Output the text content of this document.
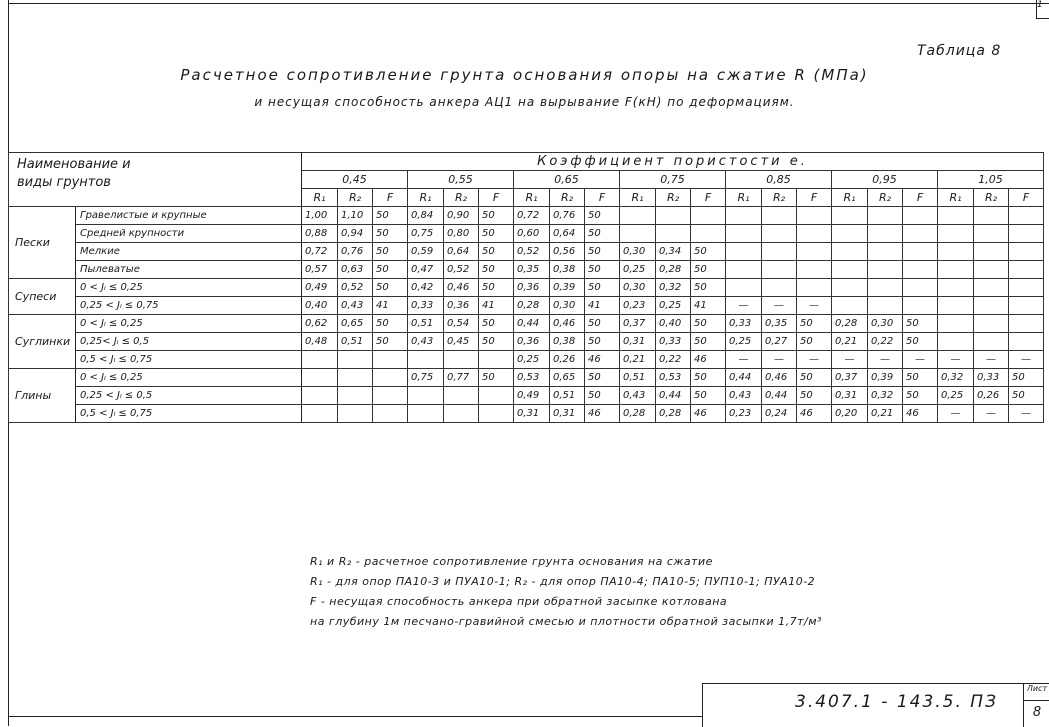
1
Таблица 8
Расчетное сопротивление грунта основания опоры на сжатие R (МПа)
и несущая способность анкера АЦ1 на вырывание F(кН) по деформациям.
Наименование и
виды грунтов		Коэффициент пористости е.																				
		0,45			0,55			0,65			0,75			0,85			0,95			1,05		
		R₁	R₂	F	R₁	R₂	F	R₁	R₂	F	R₁	R₂	F	R₁	R₂	F	R₁	R₂	F	R₁	R₂	F
Пески	Гравелистые и крупные	1,00	1,10	50	0,84	0,90	50	0,72	0,76	50												
	Средней крупности	0,88	0,94	50	0,75	0,80	50	0,60	0,64	50												
	Мелкие	0,72	0,76	50	0,59	0,64	50	0,52	0,56	50	0,30	0,34	50									
	Пылеватые	0,57	0,63	50	0,47	0,52	50	0,35	0,38	50	0,25	0,28	50									
Супеси	0 < Jₗ ≤ 0,25	0,49	0,52	50	0,42	0,46	50	0,36	0,39	50	0,30	0,32	50									
	0,25 < Jₗ ≤ 0,75	0,40	0,43	41	0,33	0,36	41	0,28	0,30	41	0,23	0,25	41	—	—	—						
Суглинки	0 < Jₗ ≤ 0,25	0,62	0,65	50	0,51	0,54	50	0,44	0,46	50	0,37	0,40	50	0,33	0,35	50	0,28	0,30	50			
	0,25< Jₗ ≤ 0,5	0,48	0,51	50	0,43	0,45	50	0,36	0,38	50	0,31	0,33	50	0,25	0,27	50	0,21	0,22	50			
	0,5 < Jₗ ≤ 0,75							0,25	0,26	46	0,21	0,22	46	—	—	—	—	—	—	—	—	—
Глины	0 < Jₗ ≤ 0,25				0,75	0,77	50	0,53	0,65	50	0,51	0,53	50	0,44	0,46	50	0,37	0,39	50	0,32	0,33	50
	0,25 < Jₗ ≤ 0,5							0,49	0,51	50	0,43	0,44	50	0,43	0,44	50	0,31	0,32	50	0,25	0,26	50
	0,5 < Jₗ ≤ 0,75							0,31	0,31	46	0,28	0,28	46	0,23	0,24	46	0,20	0,21	46	—	—	—
R₁ и R₂ - расчетное сопротивление грунта основания на сжатие
R₁ - для опор ПА10-3 и ПУА10-1; R₂ - для опор ПА10-4; ПА10-5; ПУП10-1; ПУА10-2
F - несущая способность анкера при обратной засыпке котлована
на глубину 1м песчано-гравийной смесью и плотности обратной засыпки 1,7т/м³
3.407.1 - 143.5. ПЗ
Лист
8
